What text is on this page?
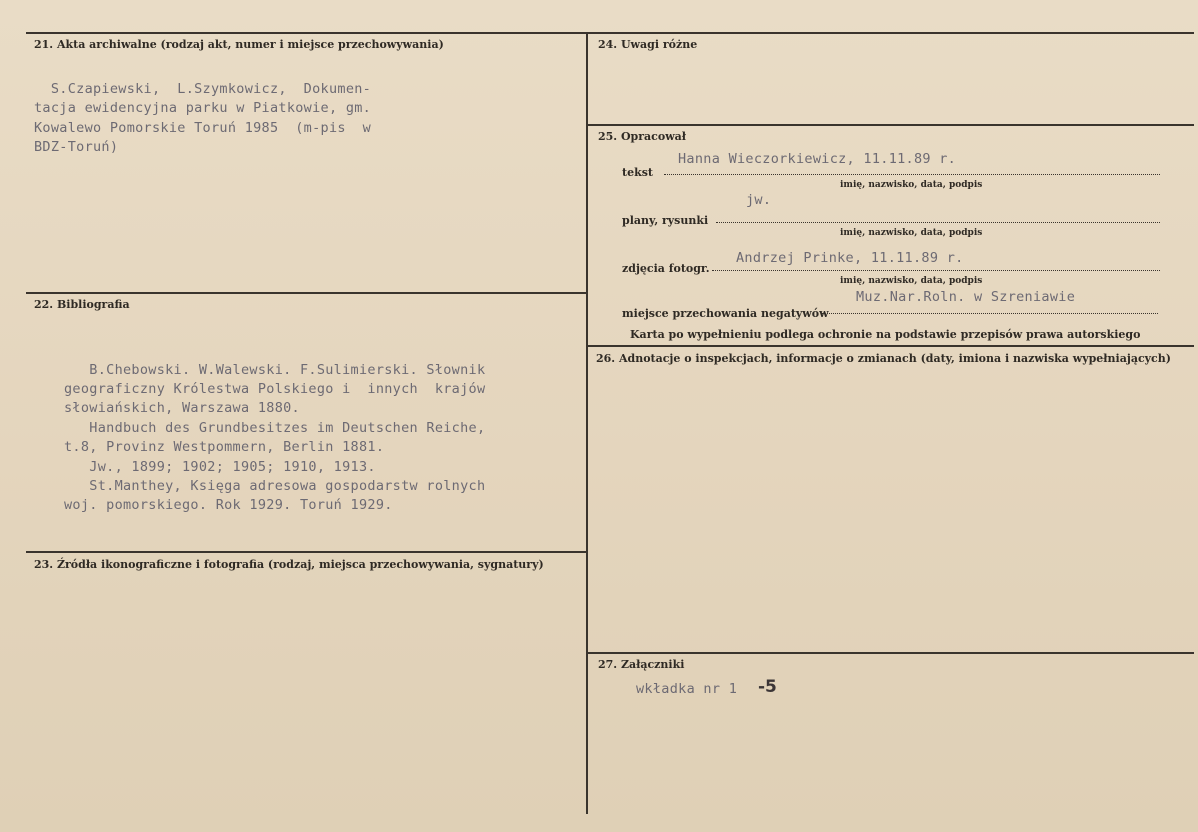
21. Akta archiwalne (rodzaj akt, numer i miejsce przechowywania)
S.Czapiewski,  L.Szymkowicz,  Dokumen-
tacja ewidencyjna parku w Piatkowie, gm.
Kowalewo Pomorskie Toruń 1985  (m-pis  w
BDZ-Toruń)
22. Bibliografia
B.Chebowski. W.Walewski. F.Sulimierski. Słownik
geograficzny Królestwa Polskiego i  innych  krajów
słowiańskich, Warszawa 1880.
Handbuch des Grundbesitzes im Deutschen Reiche,
t.8, Provinz Westpommern, Berlin 1881.
Jw., 1899; 1902; 1905; 1910, 1913.
St.Manthey, Księga adresowa gospodarstw rolnych
woj. pomorskiego. Rok 1929. Toruń 1929.
23. Źródła ikonograficzne i fotografia (rodzaj, miejsca przechowywania, sygnatury)
24. Uwagi różne
25. Opracował
tekst
Hanna Wieczorkiewicz, 11.11.89 r.
imię, nazwisko, data, podpis
plany, rysunki
jw.
imię, nazwisko, data, podpis
zdjęcia fotogr.
Andrzej Prinke, 11.11.89 r.
imię, nazwisko, data, podpis
miejsce przechowania negatywów
Muz.Nar.Roln. w Szreniawie
Karta po wypełnieniu podlega ochronie na podstawie przepisów prawa autorskiego
26. Adnotacje o inspekcjach, informacje o zmianach (daty, imiona i nazwiska wypełniających)
27. Załączniki
wkładka nr 1 -5
